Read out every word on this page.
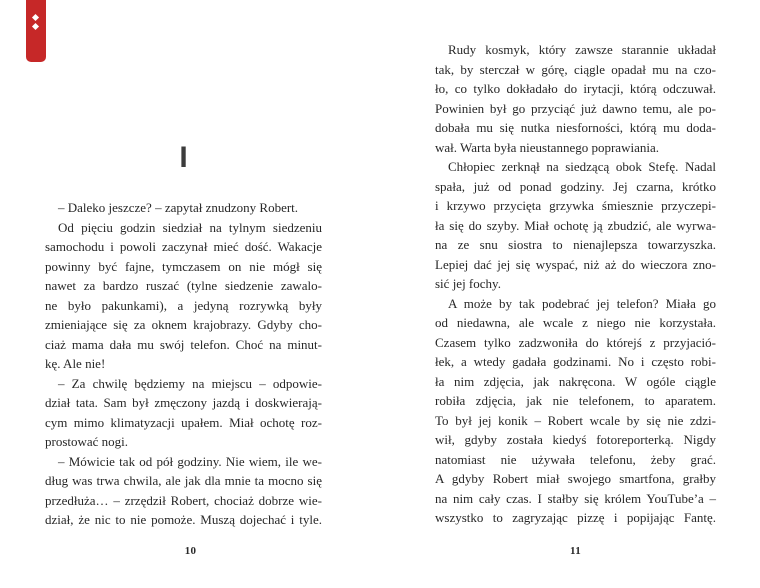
I
– Daleko jeszcze? – zapytał znudzony Robert.
Od pięciu godzin siedział na tylnym siedzeniu
samochodu i powoli zaczynał mieć dość. Wakacje
powinny być fajne, tymczasem on nie mógł się
nawet za bardzo ruszać (tylne siedzenie zawalo-
ne było pakunkami), a jedyną rozrywką były
zmieniające się za oknem krajobrazy. Gdyby cho-
ciaż mama dała mu swój telefon. Choć na minut-
kę. Ale nie!
– Za chwilę będziemy na miejscu – odpowie-
dział tata. Sam był zmęczony jazdą i doskwierają-
cym mimo klimatyzacji upałem. Miał ochotę roz-
prostować nogi.
– Mówicie tak od pół godziny. Nie wiem, ile we-
dług was trwa chwila, ale jak dla mnie ta mocno się
przedłuża… – zrzędził Robert, chociaż dobrze wie-
dział, że nic to nie pomoże. Muszą dojechać i tyle.
10
Rudy kosmyk, który zawsze starannie układał
tak, by sterczał w górę, ciągle opadał mu na czo-
ło, co tylko dokładało do irytacji, którą odczuwał.
Powinien był go przyciąć już dawno temu, ale po-
dobała mu się nutka niesforności, którą mu doda-
wał. Warta była nieustannego poprawiania.
Chłopiec zerknął na siedzącą obok Stefę. Nadal
spała, już od ponad godziny. Jej czarna, krótko
i krzywo przycięta grzywka śmiesznie przyczepi-
ła się do szyby. Miał ochotę ją zbudzić, ale wyrwa-
na ze snu siostra to nienajlepsza towarzyszka.
Lepiej dać jej się wyspać, niż aż do wieczora zno-
sić jej fochy.
A może by tak podebrać jej telefon? Miała go
od niedawna, ale wcale z niego nie korzystała.
Czasem tylko zadzwoniła do którejś z przyjació-
łek, a wtedy gadała godzinami. No i często robi-
ła nim zdjęcia, jak nakręcona. W ogóle ciągle
robiła zdjęcia, jak nie telefonem, to aparatem.
To był jej konik – Robert wcale by się nie zdzi-
wił, gdyby została kiedyś fotoreporterką. Nigdy
natomiast nie używała telefonu, żeby grać.
A gdyby Robert miał swojego smartfona, grałby
na nim cały czas. I stałby się królem YouTube’a –
wszystko to zagryzając pizzę i popijając Fantę.
11
